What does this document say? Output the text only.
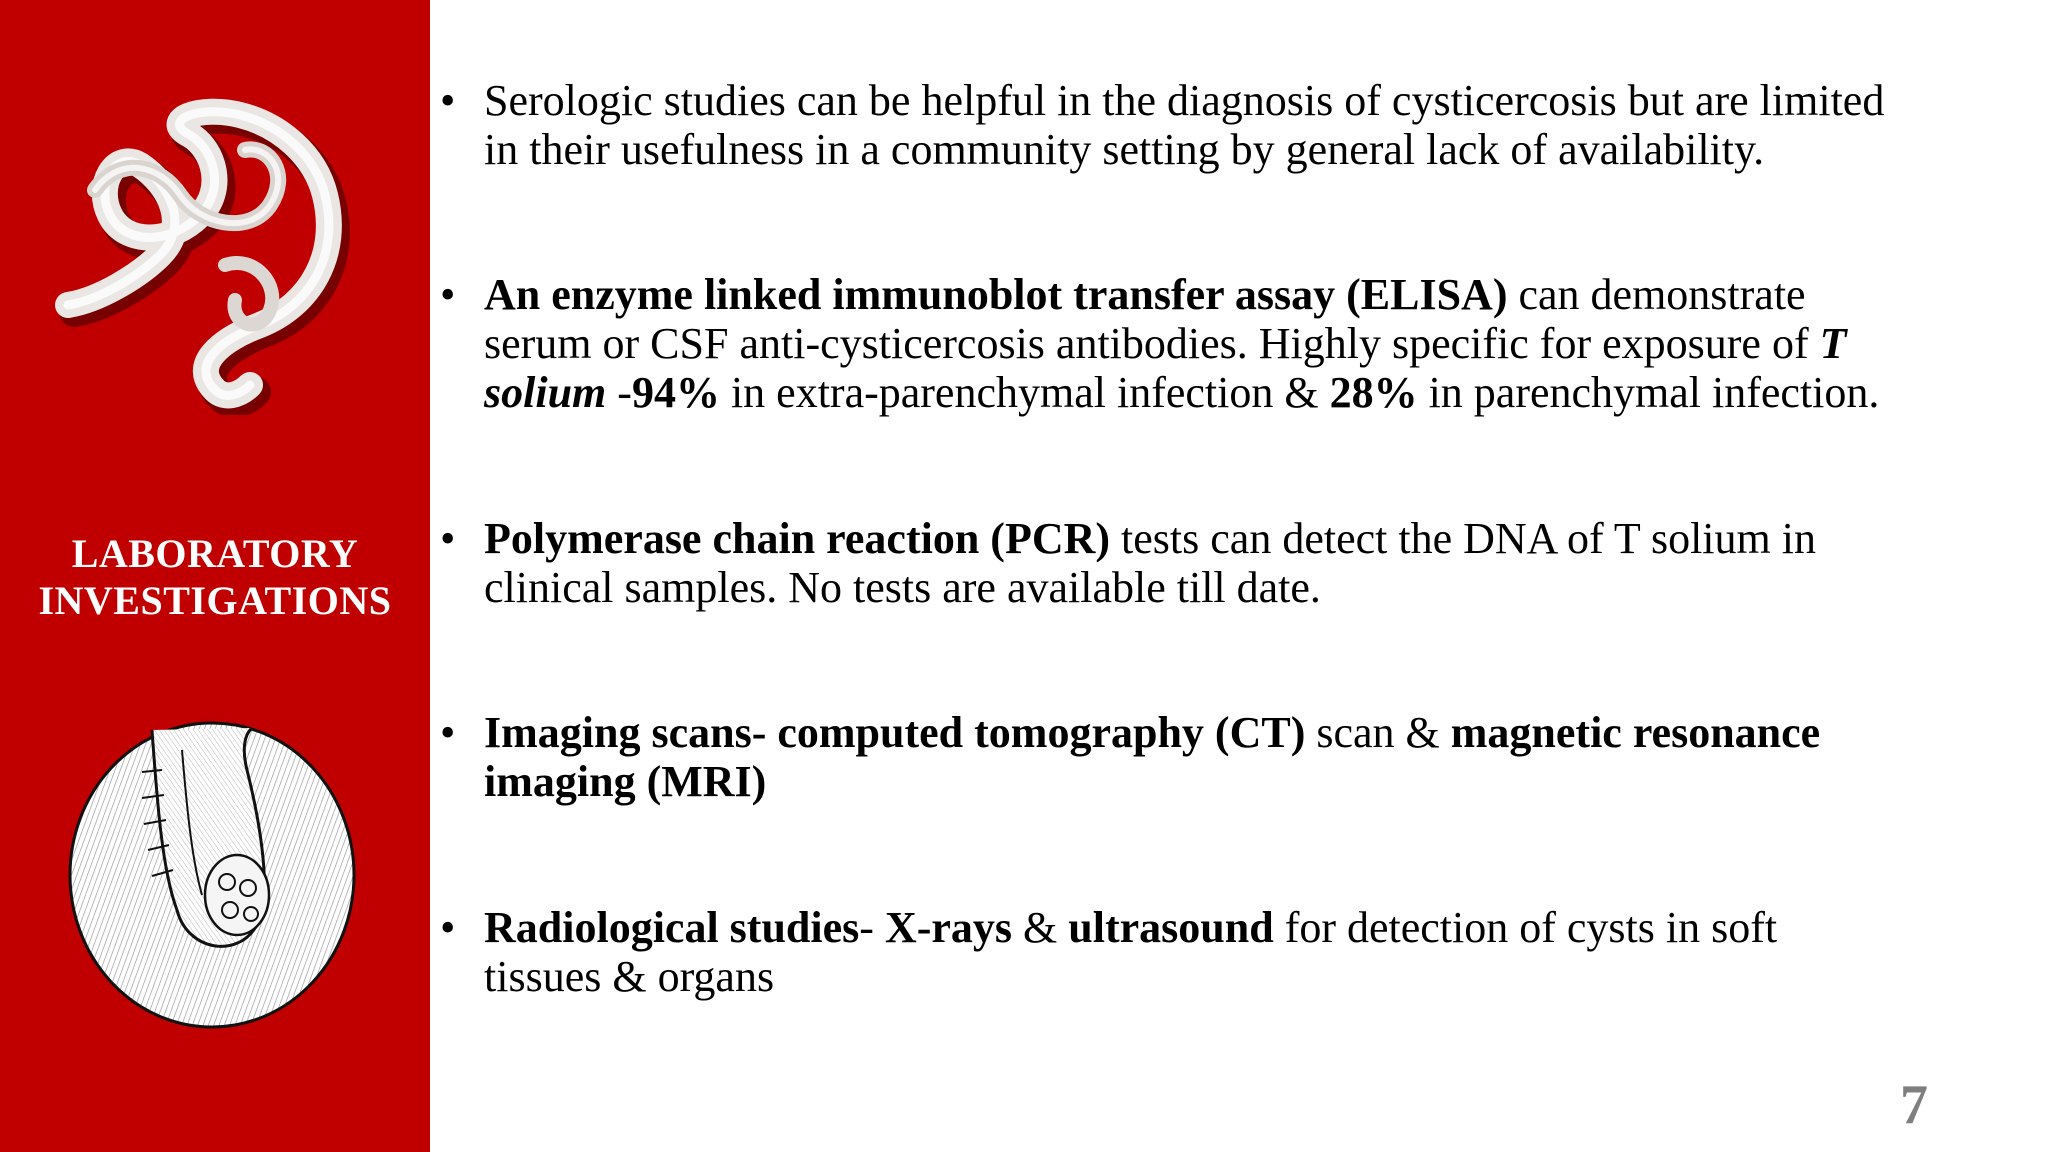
LABORATORY
INVESTIGATIONS
• Serologic studies can be helpful in the diagnosis of cysticercosis but are limited in their usefulness in a community setting by general lack of availability.
• An enzyme linked immunoblot transfer assay (ELISA) can demonstrate serum or CSF anti-cysticercosis antibodies. Highly specific for exposure of T solium -94% in extra-parenchymal infection & 28% in parenchymal infection.
• Polymerase chain reaction (PCR) tests can detect the DNA of T solium in clinical samples. No tests are available till date.
• Imaging scans- computed tomography (CT) scan & magnetic resonance imaging (MRI)
• Radiological studies- X-rays & ultrasound for detection of cysts in soft tissues & organs
7
